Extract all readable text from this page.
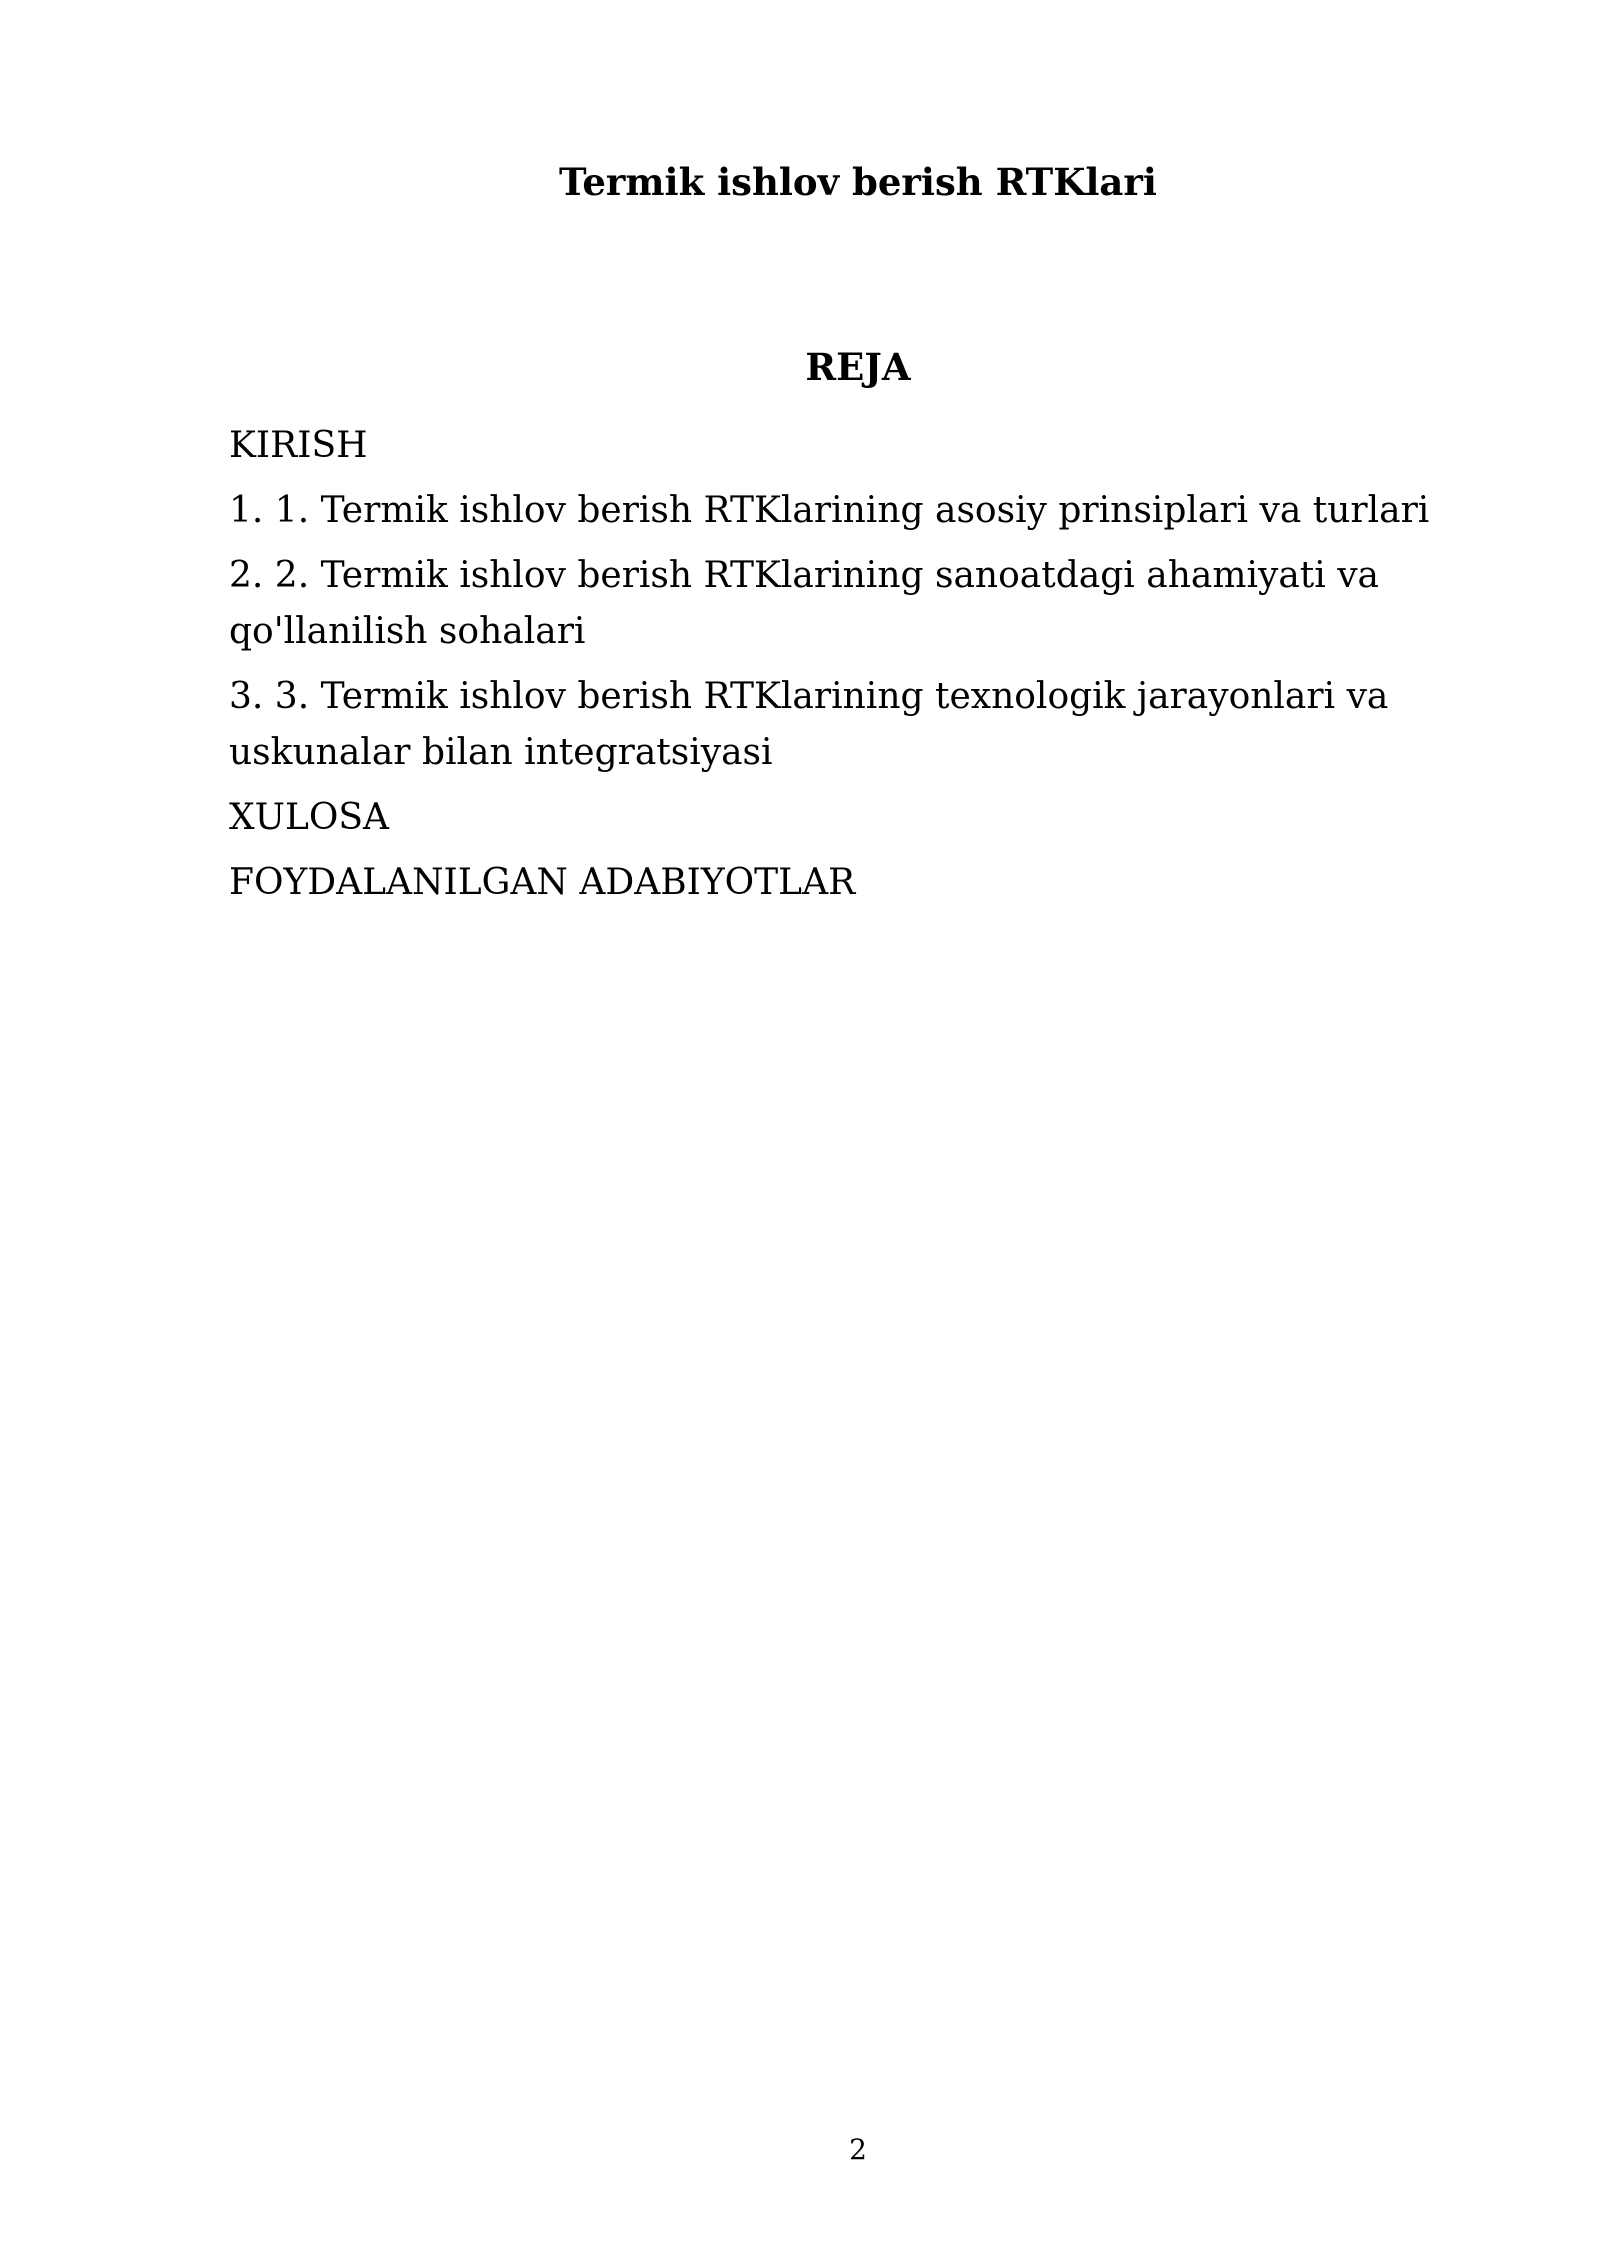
Termik ishlov berish RTKlari
REJA
KIRISH
1. 1. Termik ishlov berish RTKlarining asosiy prinsiplari va turlari
2. 2. Termik ishlov berish RTKlarining sanoatdagi ahamiyati va qo'llanilish sohalari
3. 3. Termik ishlov berish RTKlarining texnologik jarayonlari va uskunalar bilan integratsiyasi
XULOSA
FOYDALANILGAN ADABIYOTLAR
2
